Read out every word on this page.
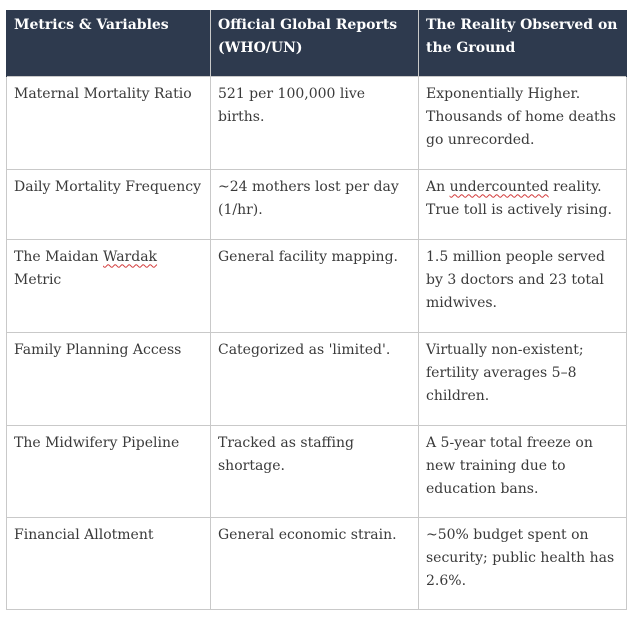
Metrics & Variables	Official Global Reports (WHO/UN)	The Reality Observed on the Ground
Maternal Mortality Ratio	521 per 100,000 live births.	Exponentially Higher. Thousands of home deaths go unrecorded.
Daily Mortality Frequency	~24 mothers lost per day (1/hr).	An undercounted reality. True toll is actively rising.
The Maidan Wardak Metric	General facility mapping.	1.5 million people served by 3 doctors and 23 total midwives.
Family Planning Access	Categorized as 'limited'.	Virtually non-existent; fertility averages 5–8 children.
The Midwifery Pipeline	Tracked as staffing shortage.	A 5-year total freeze on new training due to education bans.
Financial Allotment	General economic strain.	~50% budget spent on security; public health has 2.6%.
